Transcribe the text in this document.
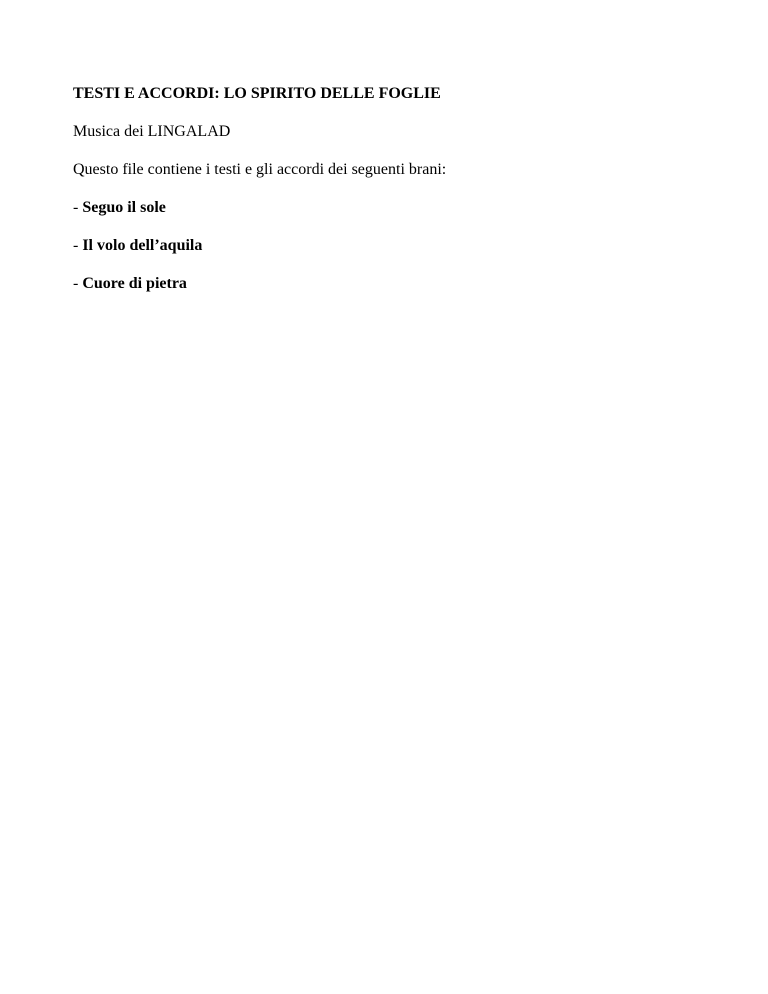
TESTI E ACCORDI: LO SPIRITO DELLE FOGLIE

Musica dei LINGALAD

Questo file contiene i testi e gli accordi dei seguenti brani:

- Seguo il sole

- Il volo dell’aquila

- Cuore di pietra
